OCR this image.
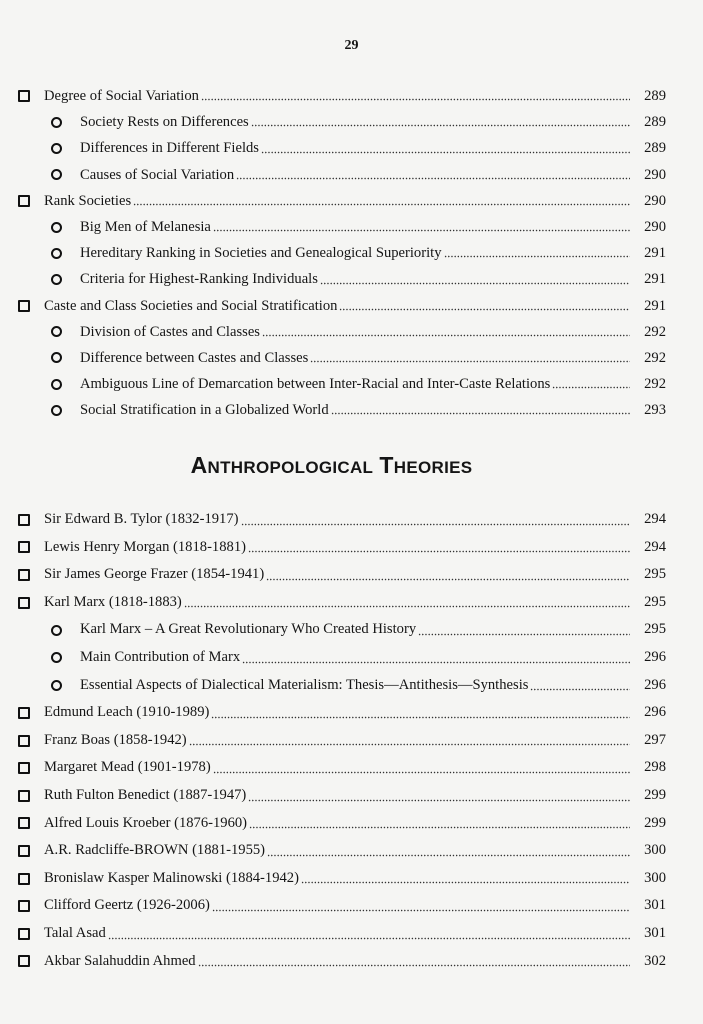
29
Degree of Social Variation	289
Society Rests on Differences	289
Differences in Different Fields	289
Causes of Social Variation	290
Rank Societies	290
Big Men of Melanesia	290
Hereditary Ranking in Societies and Genealogical Superiority	291
Criteria for Highest-Ranking Individuals	291
Caste and Class Societies and Social Stratification	291
Division of Castes and Classes	292
Difference between Castes and Classes	292
Ambiguous Line of Demarcation between Inter-Racial and Inter-Caste Relations	292
Social Stratification in a Globalized World	293
ANTHROPOLOGICAL THEORIES
Sir Edward B. Tylor (1832-1917)	294
Lewis Henry Morgan (1818-1881)	294
Sir James George Frazer (1854-1941)	295
Karl Marx (1818-1883)	295
Karl Marx – A Great Revolutionary Who Created History	295
Main Contribution of Marx	296
Essential Aspects of Dialectical Materialism: Thesis—Antithesis—Synthesis	296
Edmund Leach (1910-1989)	296
Franz Boas (1858-1942)	297
Margaret Mead (1901-1978)	298
Ruth Fulton Benedict (1887-1947)	299
Alfred Louis Kroeber (1876-1960)	299
A.R. Radcliffe-BROWN (1881-1955)	300
Bronislaw Kasper Malinowski (1884-1942)	300
Clifford Geertz (1926-2006)	301
Talal Asad	301
Akbar Salahuddin Ahmed	302
